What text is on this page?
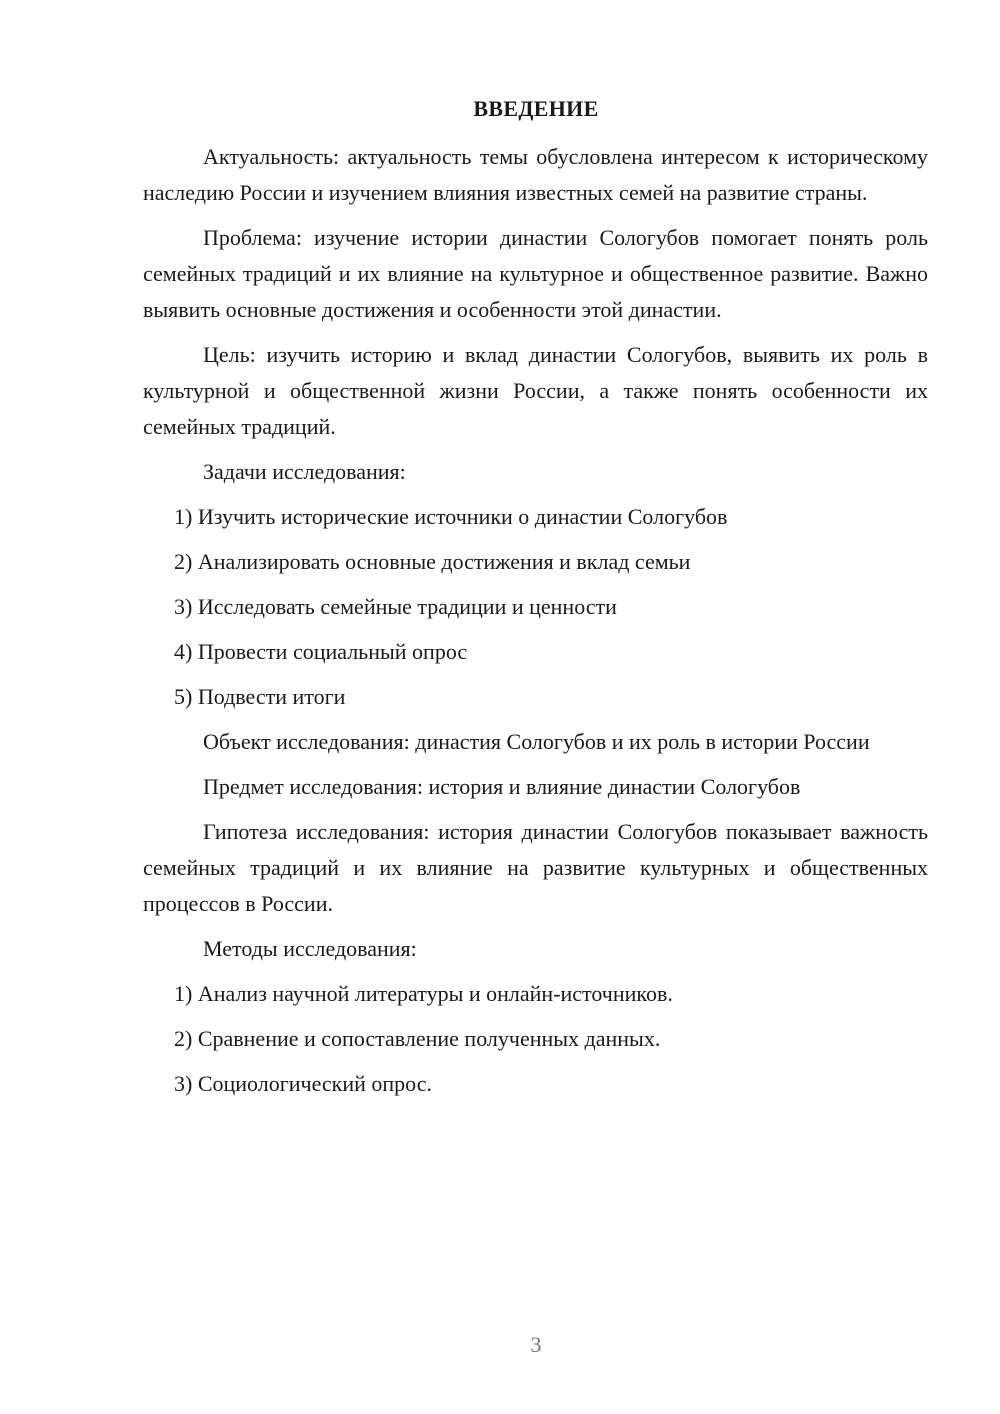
ВВЕДЕНИЕ

Актуальность: актуальность темы обусловлена интересом к историческому наследию России и изучением влияния известных семей на развитие страны.

Проблема: изучение истории династии Сологубов помогает понять роль семейных традиций и их влияние на культурное и общественное развитие. Важно выявить основные достижения и особенности этой династии.

Цель: изучить историю и вклад династии Сологубов, выявить их роль в культурной и общественной жизни России, а также понять особенности их семейных традиций.

Задачи исследования:

1) Изучить исторические источники о династии Сологубов

2) Анализировать основные достижения и вклад семьи

3) Исследовать семейные традиции и ценности

4) Провести социальный опрос

5) Подвести итоги

Объект исследования: династия Сологубов и их роль в истории России

Предмет исследования: история и влияние династии Сологубов

Гипотеза исследования: история династии Сологубов показывает важность семейных традиций и их влияние на развитие культурных и общественных процессов в России.

Методы исследования:

1) Анализ научной литературы и онлайн-источников.

2) Сравнение и сопоставление полученных данных.

3) Социологический опрос.

3
